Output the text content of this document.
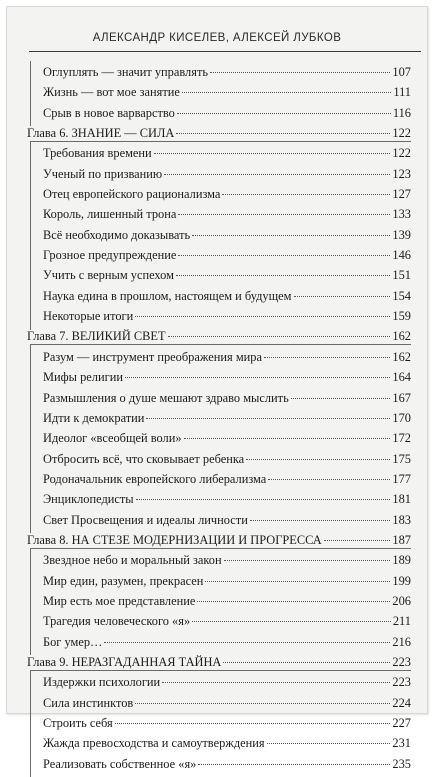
АЛЕКСАНДР КИСЕЛЕВ, АЛЕКСЕЙ ЛУБКОВ
Оглуплять — значит управлять	107
Жизнь — вот мое занятие	111
Срыв в новое варварство	116
Глава 6. ЗНАНИЕ — СИЛА	122
Требования времени	122
Ученый по призванию	123
Отец европейского рационализма	127
Король, лишенный трона	133
Всё необходимо доказывать	139
Грозное предупреждение	146
Учить с верным успехом	151
Наука едина в прошлом, настоящем и будущем	154
Некоторые итоги	159
Глава 7. ВЕЛИКИЙ СВЕТ	162
Разум — инструмент преображения мира	162
Мифы религии	164
Размышления о душе мешают здраво мыслить	167
Идти к демократии	170
Идеолог «всеобщей воли»	172
Отбросить всё, что сковывает ребенка	175
Родоначальник европейского либерализма	177
Энциклопедисты	181
Свет Просвещения и идеалы личности	183
Глава 8. НА СТЕЗЕ МОДЕРНИЗАЦИИ И ПРОГРЕССА	187
Звездное небо и моральный закон	189
Мир един, разумен, прекрасен	199
Мир есть мое представление	206
Трагедия человеческого «я»	211
Бог умер…	216
Глава 9. НЕРАЗГАДАННАЯ ТАЙНА	223
Издержки психологии	223
Сила инстинктов	224
Строить себя	227
Жажда превосходства и самоутверждения	231
Реализовать собственное «я»	235
